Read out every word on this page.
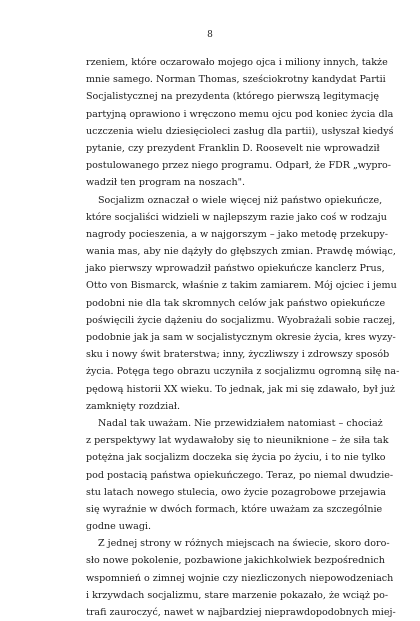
8
rzeniem, które oczarowało mojego ojca i miliony innych, także
mnie samego. Norman Thomas, sześciokrotny kandydat Partii
Socjalistycznej na prezydenta (którego pierwszą legitymację
partyjną oprawiono i wręczono memu ojcu pod koniec życia dla
uczczenia wielu dziesięcioleci zasług dla partii), usłyszał kiedyś
pytanie, czy prezydent Franklin D. Roosevelt nie wprowadził
postulowanego przez niego programu. Odparł, że FDR „wypro-
wadził ten program na noszach".
Socjalizm oznaczał o wiele więcej niż państwo opiekuńcze,
które socjaliści widzieli w najlepszym razie jako coś w rodzaju
nagrody pocieszenia, a w najgorszym – jako metodę przekupy-
wania mas, aby nie dążyły do głębszych zmian. Prawdę mówiąc,
jako pierwszy wprowadził państwo opiekuńcze kanclerz Prus,
Otto von Bismarck, właśnie z takim zamiarem. Mój ojciec i jemu
podobni nie dla tak skromnych celów jak państwo opiekuńcze
poświęcili życie dążeniu do socjalizmu. Wyobrażali sobie raczej,
podobnie jak ja sam w socjalistycznym okresie życia, kres wyzy-
sku i nowy świt braterstwa; inny, życzliwszy i zdrowszy sposób
życia. Potęga tego obrazu uczyniła z socjalizmu ogromną siłę na-
pędową historii XX wieku. To jednak, jak mi się zdawało, był już
zamknięty rozdział.
Nadal tak uważam. Nie przewidziałem natomiast – chociaż
z perspektywy lat wydawałoby się to nieuniknione – że siła tak
potężna jak socjalizm doczeka się życia po życiu, i to nie tylko
pod postacią państwa opiekuńczego. Teraz, po niemal dwudzie-
stu latach nowego stulecia, owo życie pozagrobowe przejawia
się wyraźnie w dwóch formach, które uważam za szczególnie
godne uwagi.
Z jednej strony w różnych miejscach na świecie, skoro doro-
sło nowe pokolenie, pozbawione jakichkolwiek bezpośrednich
wspomnień o zimnej wojnie czy niezliczonych niepowodzeniach
i krzywdach socjalizmu, stare marzenie pokazało, że wciąż po-
trafi zauroczyć, nawet w najbardziej nieprawdopodobnych miej-
